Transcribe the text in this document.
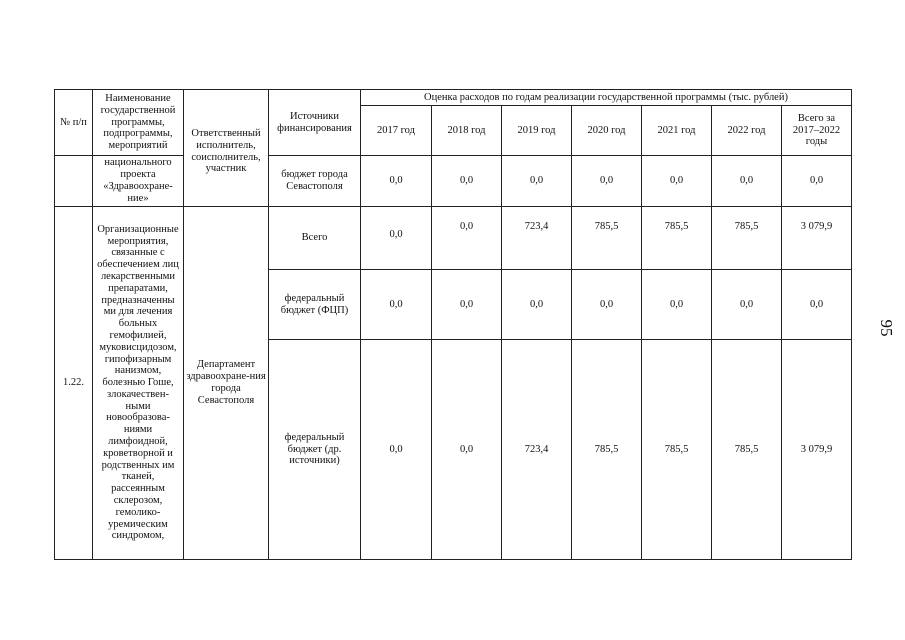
№ п/п	Наименование государственной программы, подпрограммы, мероприятий	Ответственный исполнитель, соисполнитель, участник	Источники финансирования	Оценка расходов по годам реализации государственной программы (тыс. рублей)						
				2017 год	2018 год	2019 год	2020 год	2021 год	2022 год	Всего за 2017–2022 годы
	национального проекта «Здравоохране-ние»		бюджет города Севастополя	0,0	0,0	0,0	0,0	0,0	0,0	0,0
1.22.	Организационные мероприятия, связанные с обеспечением лиц лекарственными препаратами, предназначенны ми для лечения больных гемофилией, муковисцидозом, гипофизарным нанизмом, болезнью Гоше, злокачествен-ными новообразова-ниями лимфоидной, кроветворной и родственных им тканей, рассеянным склерозом, гемолико-уремическим синдромом,	Департамент здравоохране-ния города Севастополя	Всего	0,0	0,0	723,4	785,5	785,5	785,5	3 079,9
			федеральный бюджет (ФЦП)	0,0	0,0	0,0	0,0	0,0	0,0	0,0
			федеральный бюджет (др. источники)	0,0	0,0	723,4	785,5	785,5	785,5	3 079,9
95
